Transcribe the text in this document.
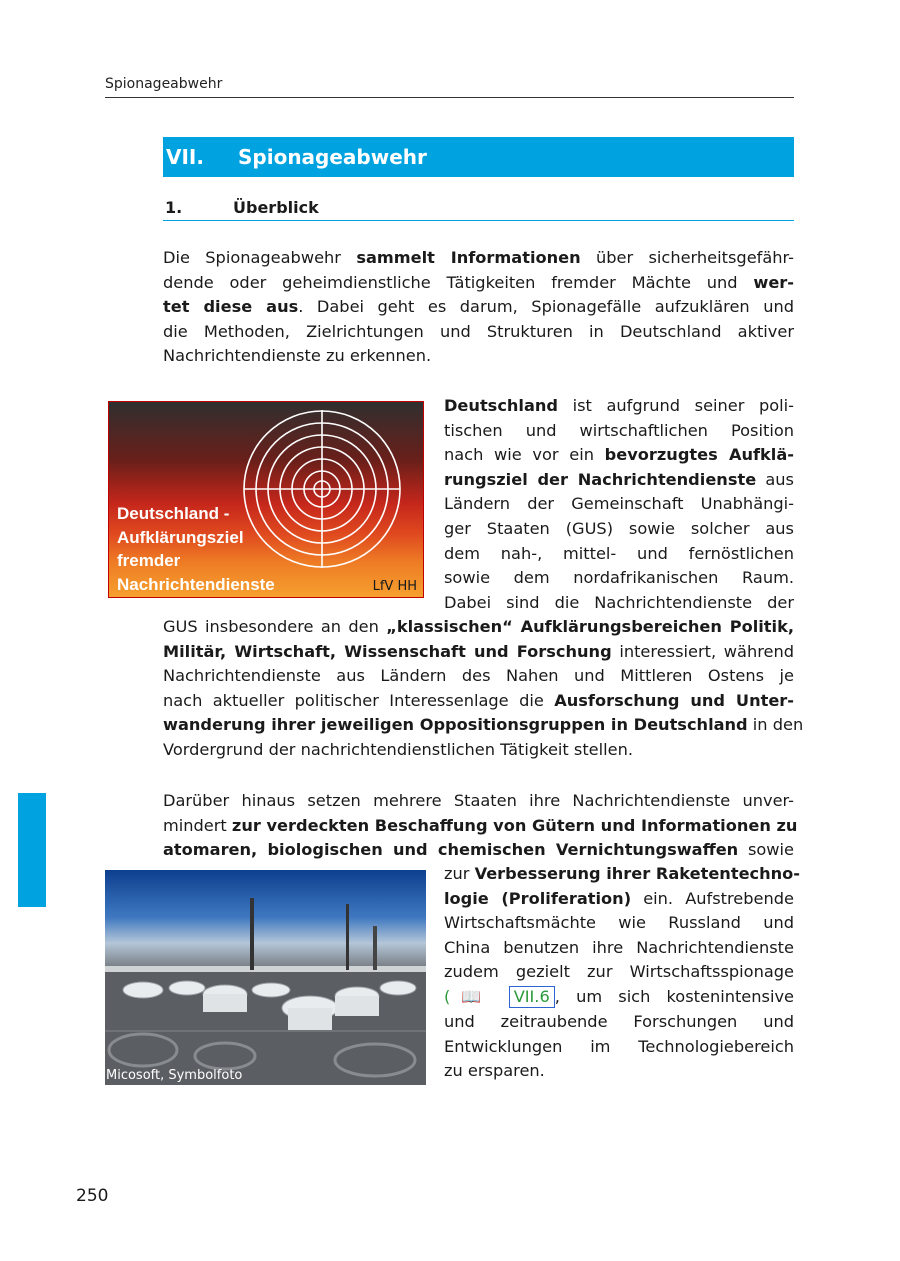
Spionageabwehr
VII. Spionageabwehr
1.	Überblick
Die Spionageabwehr sammelt Informationen über sicherheitsgefähr-
dende oder geheimdienstliche Tätigkeiten fremder Mächte und wer-
tet diese aus. Dabei geht es darum, Spionagefälle aufzuklären und
die Methoden, Zielrichtungen und Strukturen in Deutschland aktiver
Nachrichtendienste zu erkennen.
Deutschland -
Aufklärungsziel
fremder
Nachrichtendienste	LfV HH
Deutschland ist aufgrund seiner poli-
tischen und wirtschaftlichen Position
nach wie vor ein bevorzugtes Aufklä-
rungsziel der Nachrichtendienste aus
Ländern der Gemeinschaft Unabhängi-
ger Staaten (GUS) sowie solcher aus
dem nah-, mittel- und fernöstlichen
sowie dem nordafrikanischen Raum.
Dabei sind die Nachrichtendienste der
GUS insbesondere an den „klassischen“ Aufklärungsbereichen Politik,
Militär, Wirtschaft, Wissenschaft und Forschung interessiert, während
Nachrichtendienste aus Ländern des Nahen und Mittleren Ostens je
nach aktueller politischer Interessenlage die Ausforschung und Unter-
wanderung ihrer jeweiligen Oppositionsgruppen in Deutschland in den
Vordergrund der nachrichtendienstlichen Tätigkeit stellen.
Darüber hinaus setzen mehrere Staaten ihre Nachrichtendienste unver-
mindert zur verdeckten Beschaffung von Gütern und Informationen zu
atomaren, biologischen und chemischen Vernichtungswaffen sowie
Micosoft, Symbolfoto
zur Verbesserung ihrer Raketentechno-
logie (Proliferation) ein. Aufstrebende
Wirtschaftsmächte wie Russland und
China benutzen ihre Nachrichtendienste
zudem gezielt zur Wirtschaftsspionage
(📖 VII.6 , um sich kostenintensive
und zeitraubende Forschungen und
Entwicklungen im Technologiebereich
zu ersparen.
250
